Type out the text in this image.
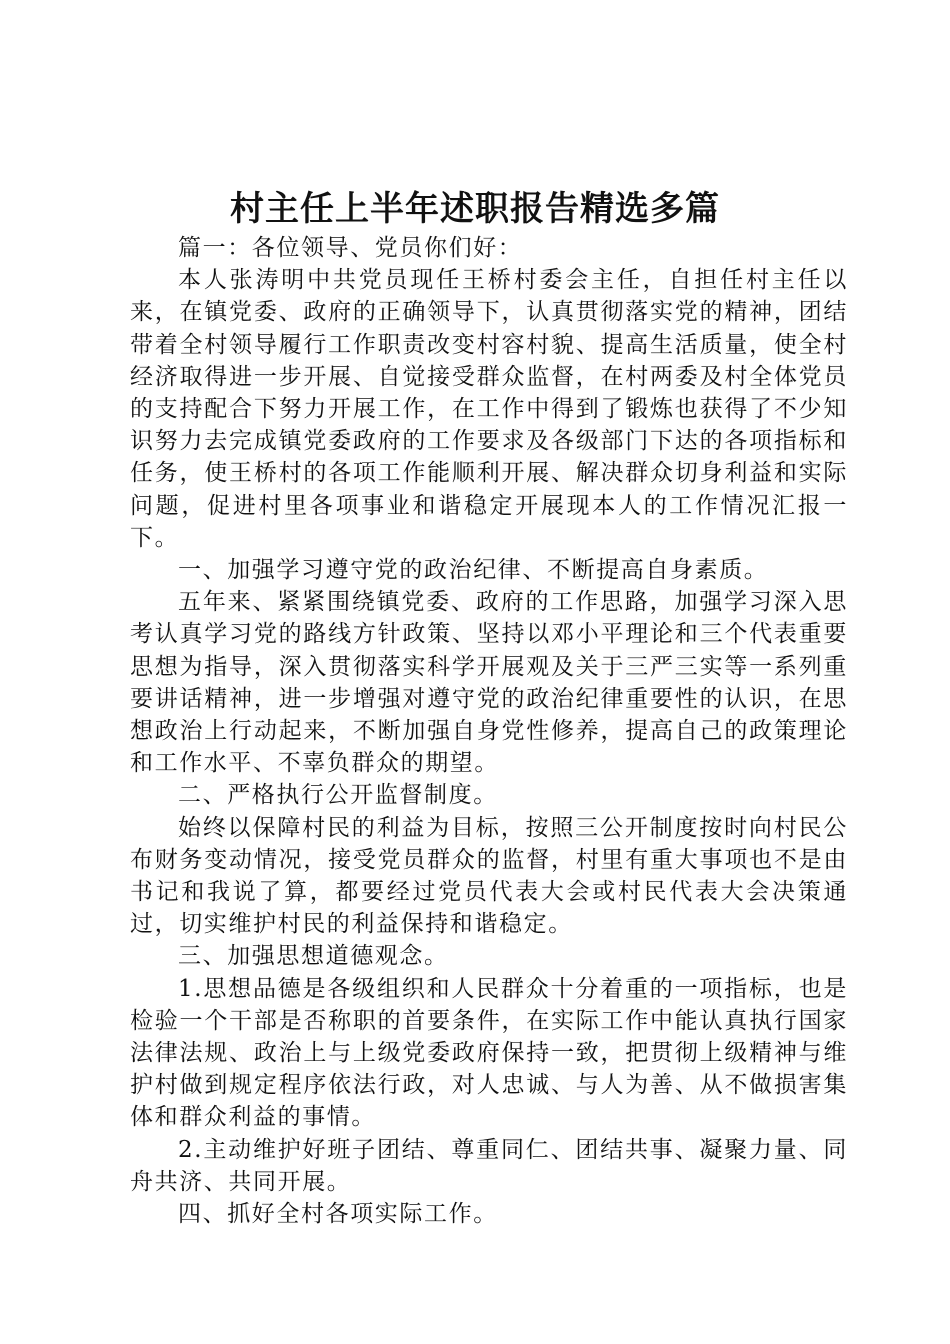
村主任上半年述职报告精选多篇

篇一：各位领导、党员你们好：

本人张涛明中共党员现任王桥村委会主任，自担任村主任以来，在镇党委、政府的正确领导下，认真贯彻落实党的精神，团结带着全村领导履行工作职责改变村容村貌、提高生活质量，使全村经济取得进一步开展、自觉接受群众监督，在村两委及村全体党员的支持配合下努力开展工作，在工作中得到了锻炼也获得了不少知识努力去完成镇党委政府的工作要求及各级部门下达的各项指标和任务，使王桥村的各项工作能顺利开展、解决群众切身利益和实际问题，促进村里各项事业和谐稳定开展现本人的工作情况汇报一下。

一、加强学习遵守党的政治纪律、不断提高自身素质。

五年来、紧紧围绕镇党委、政府的工作思路，加强学习深入思考认真学习党的路线方针政策、坚持以邓小平理论和三个代表重要思想为指导，深入贯彻落实科学开展观及关于三严三实等一系列重要讲话精神，进一步增强对遵守党的政治纪律重要性的认识，在思想政治上行动起来，不断加强自身党性修养，提高自己的政策理论和工作水平、不辜负群众的期望。

二、严格执行公开监督制度。

始终以保障村民的利益为目标，按照三公开制度按时向村民公布财务变动情况，接受党员群众的监督，村里有重大事项也不是由书记和我说了算，都要经过党员代表大会或村民代表大会决策通过，切实维护村民的利益保持和谐稳定。

三、加强思想道德观念。

1.思想品德是各级组织和人民群众十分着重的一项指标，也是检验一个干部是否称职的首要条件，在实际工作中能认真执行国家法律法规、政治上与上级党委政府保持一致，把贯彻上级精神与维护村做到规定程序依法行政，对人忠诚、与人为善、从不做损害集体和群众利益的事情。

2.主动维护好班子团结、尊重同仁、团结共事、凝聚力量、同舟共济、共同开展。

四、抓好全村各项实际工作。
